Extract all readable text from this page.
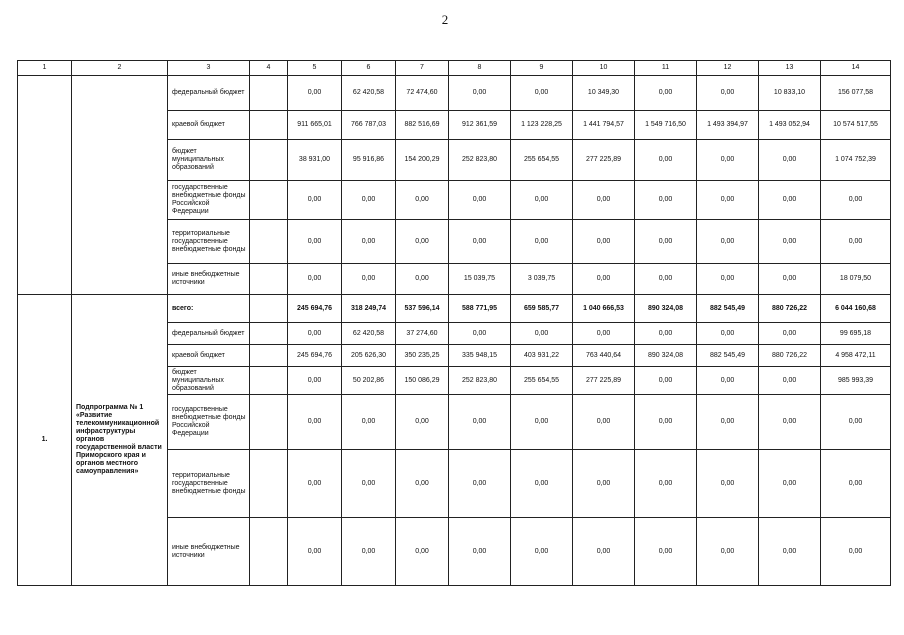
2
1	2	3	4	5	6	7	8	9	10	11	12	13	14
		федеральный бюджет		0,00	62 420,58	72 474,60	0,00	0,00	10 349,30	0,00	0,00	10 833,10	156 077,58
		краевой бюджет		911 665,01	766 787,03	882 516,69	912 361,59	1 123 228,25	1 441 794,57	1 549 716,50	1 493 394,97	1 493 052,94	10 574 517,55
		бюджет муниципальных образований		38 931,00	95 916,86	154 200,29	252 823,80	255 654,55	277 225,89	0,00	0,00	0,00	1 074 752,39
		государственные внебюджетные фонды Российской Федерации		0,00	0,00	0,00	0,00	0,00	0,00	0,00	0,00	0,00	0,00
		территориальные государственные внебюджетные фонды		0,00	0,00	0,00	0,00	0,00	0,00	0,00	0,00	0,00	0,00
		иные внебюджетные источники		0,00	0,00	0,00	15 039,75	3 039,75	0,00	0,00	0,00	0,00	18 079,50
1.	Подпрограмма № 1 «Развитие телекоммуникационной инфраструктуры органов государственной власти Приморского края и органов местного самоуправления»	всего:		245 694,76	318 249,74	537 596,14	588 771,95	659 585,77	1 040 666,53	890 324,08	882 545,49	880 726,22	6 044 160,68
		федеральный бюджет		0,00	62 420,58	37 274,60	0,00	0,00	0,00	0,00	0,00	0,00	99 695,18
		краевой бюджет		245 694,76	205 626,30	350 235,25	335 948,15	403 931,22	763 440,64	890 324,08	882 545,49	880 726,22	4 958 472,11
		бюджет муниципальных образований		0,00	50 202,86	150 086,29	252 823,80	255 654,55	277 225,89	0,00	0,00	0,00	985 993,39
		государственные внебюджетные фонды Российской Федерации		0,00	0,00	0,00	0,00	0,00	0,00	0,00	0,00	0,00	0,00
		территориальные государственные внебюджетные фонды		0,00	0,00	0,00	0,00	0,00	0,00	0,00	0,00	0,00	0,00
		иные внебюджетные источники		0,00	0,00	0,00	0,00	0,00	0,00	0,00	0,00	0,00	0,00
